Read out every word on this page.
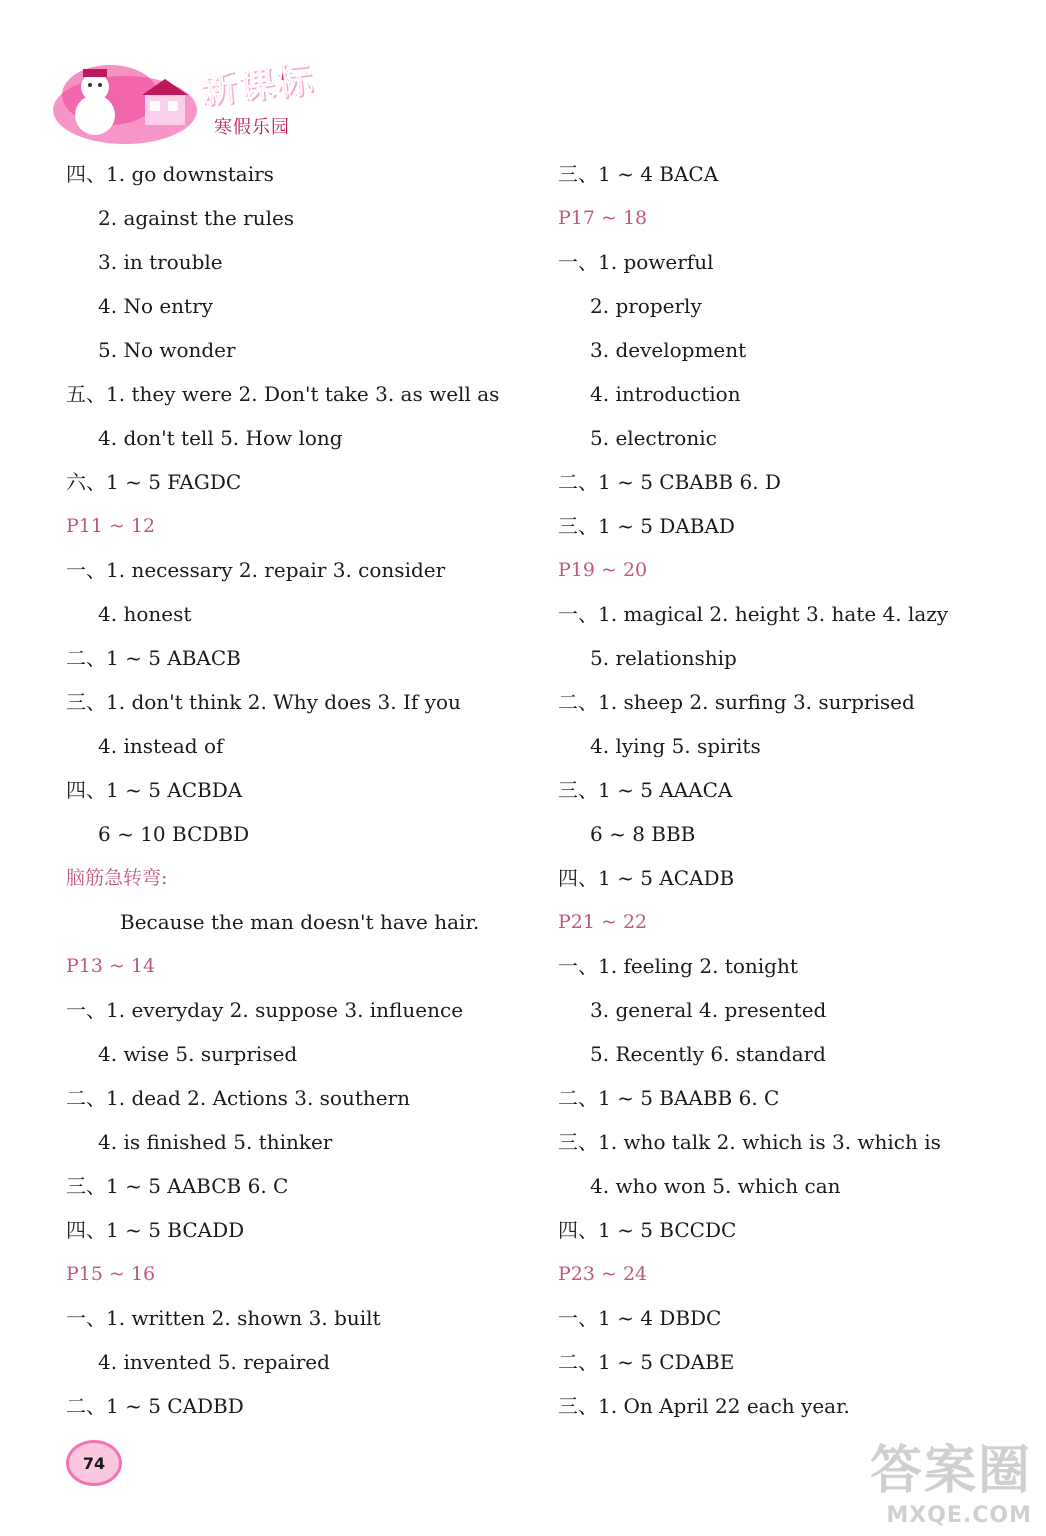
新课标
寒假乐园
四、1. go downstairs
2. against the rules
3. in trouble
4. No entry
5. No wonder
五、1. they were 2. Don't take 3. as well as
4. don't tell 5. How long
六、1 ~ 5 FAGDC
P11 ~ 12
一、1. necessary 2. repair 3. consider
4. honest
二、1 ~ 5 ABACB
三、1. don't think 2. Why does 3. If you
4. instead of
四、1 ~ 5 ACBDA
6 ~ 10 BCDBD
脑筋急转弯:
Because the man doesn't have hair.
P13 ~ 14
一、1. everyday 2. suppose 3. influence
4. wise 5. surprised
二、1. dead 2. Actions 3. southern
4. is finished 5. thinker
三、1 ~ 5 AABCB 6. C
四、1 ~ 5 BCADD
P15 ~ 16
一、1. written 2. shown 3. built
4. invented 5. repaired
二、1 ~ 5 CADBD
三、1 ~ 4 BACA
P17 ~ 18
一、1. powerful
2. properly
3. development
4. introduction
5. electronic
二、1 ~ 5 CBABB 6. D
三、1 ~ 5 DABAD
P19 ~ 20
一、1. magical 2. height 3. hate 4. lazy
5. relationship
二、1. sheep 2. surfing 3. surprised
4. lying 5. spirits
三、1 ~ 5 AAACA
6 ~ 8 BBB
四、1 ~ 5 ACADB
P21 ~ 22
一、1. feeling 2. tonight
3. general 4. presented
5. Recently 6. standard
二、1 ~ 5 BAABB 6. C
三、1. who talk 2. which is 3. which is
4. who won 5. which can
四、1 ~ 5 BCCDC
P23 ~ 24
一、1 ~ 4 DBDC
二、1 ~ 5 CDABE
三、1. On April 22 each year.
74	答案圈
MXQE.COM
